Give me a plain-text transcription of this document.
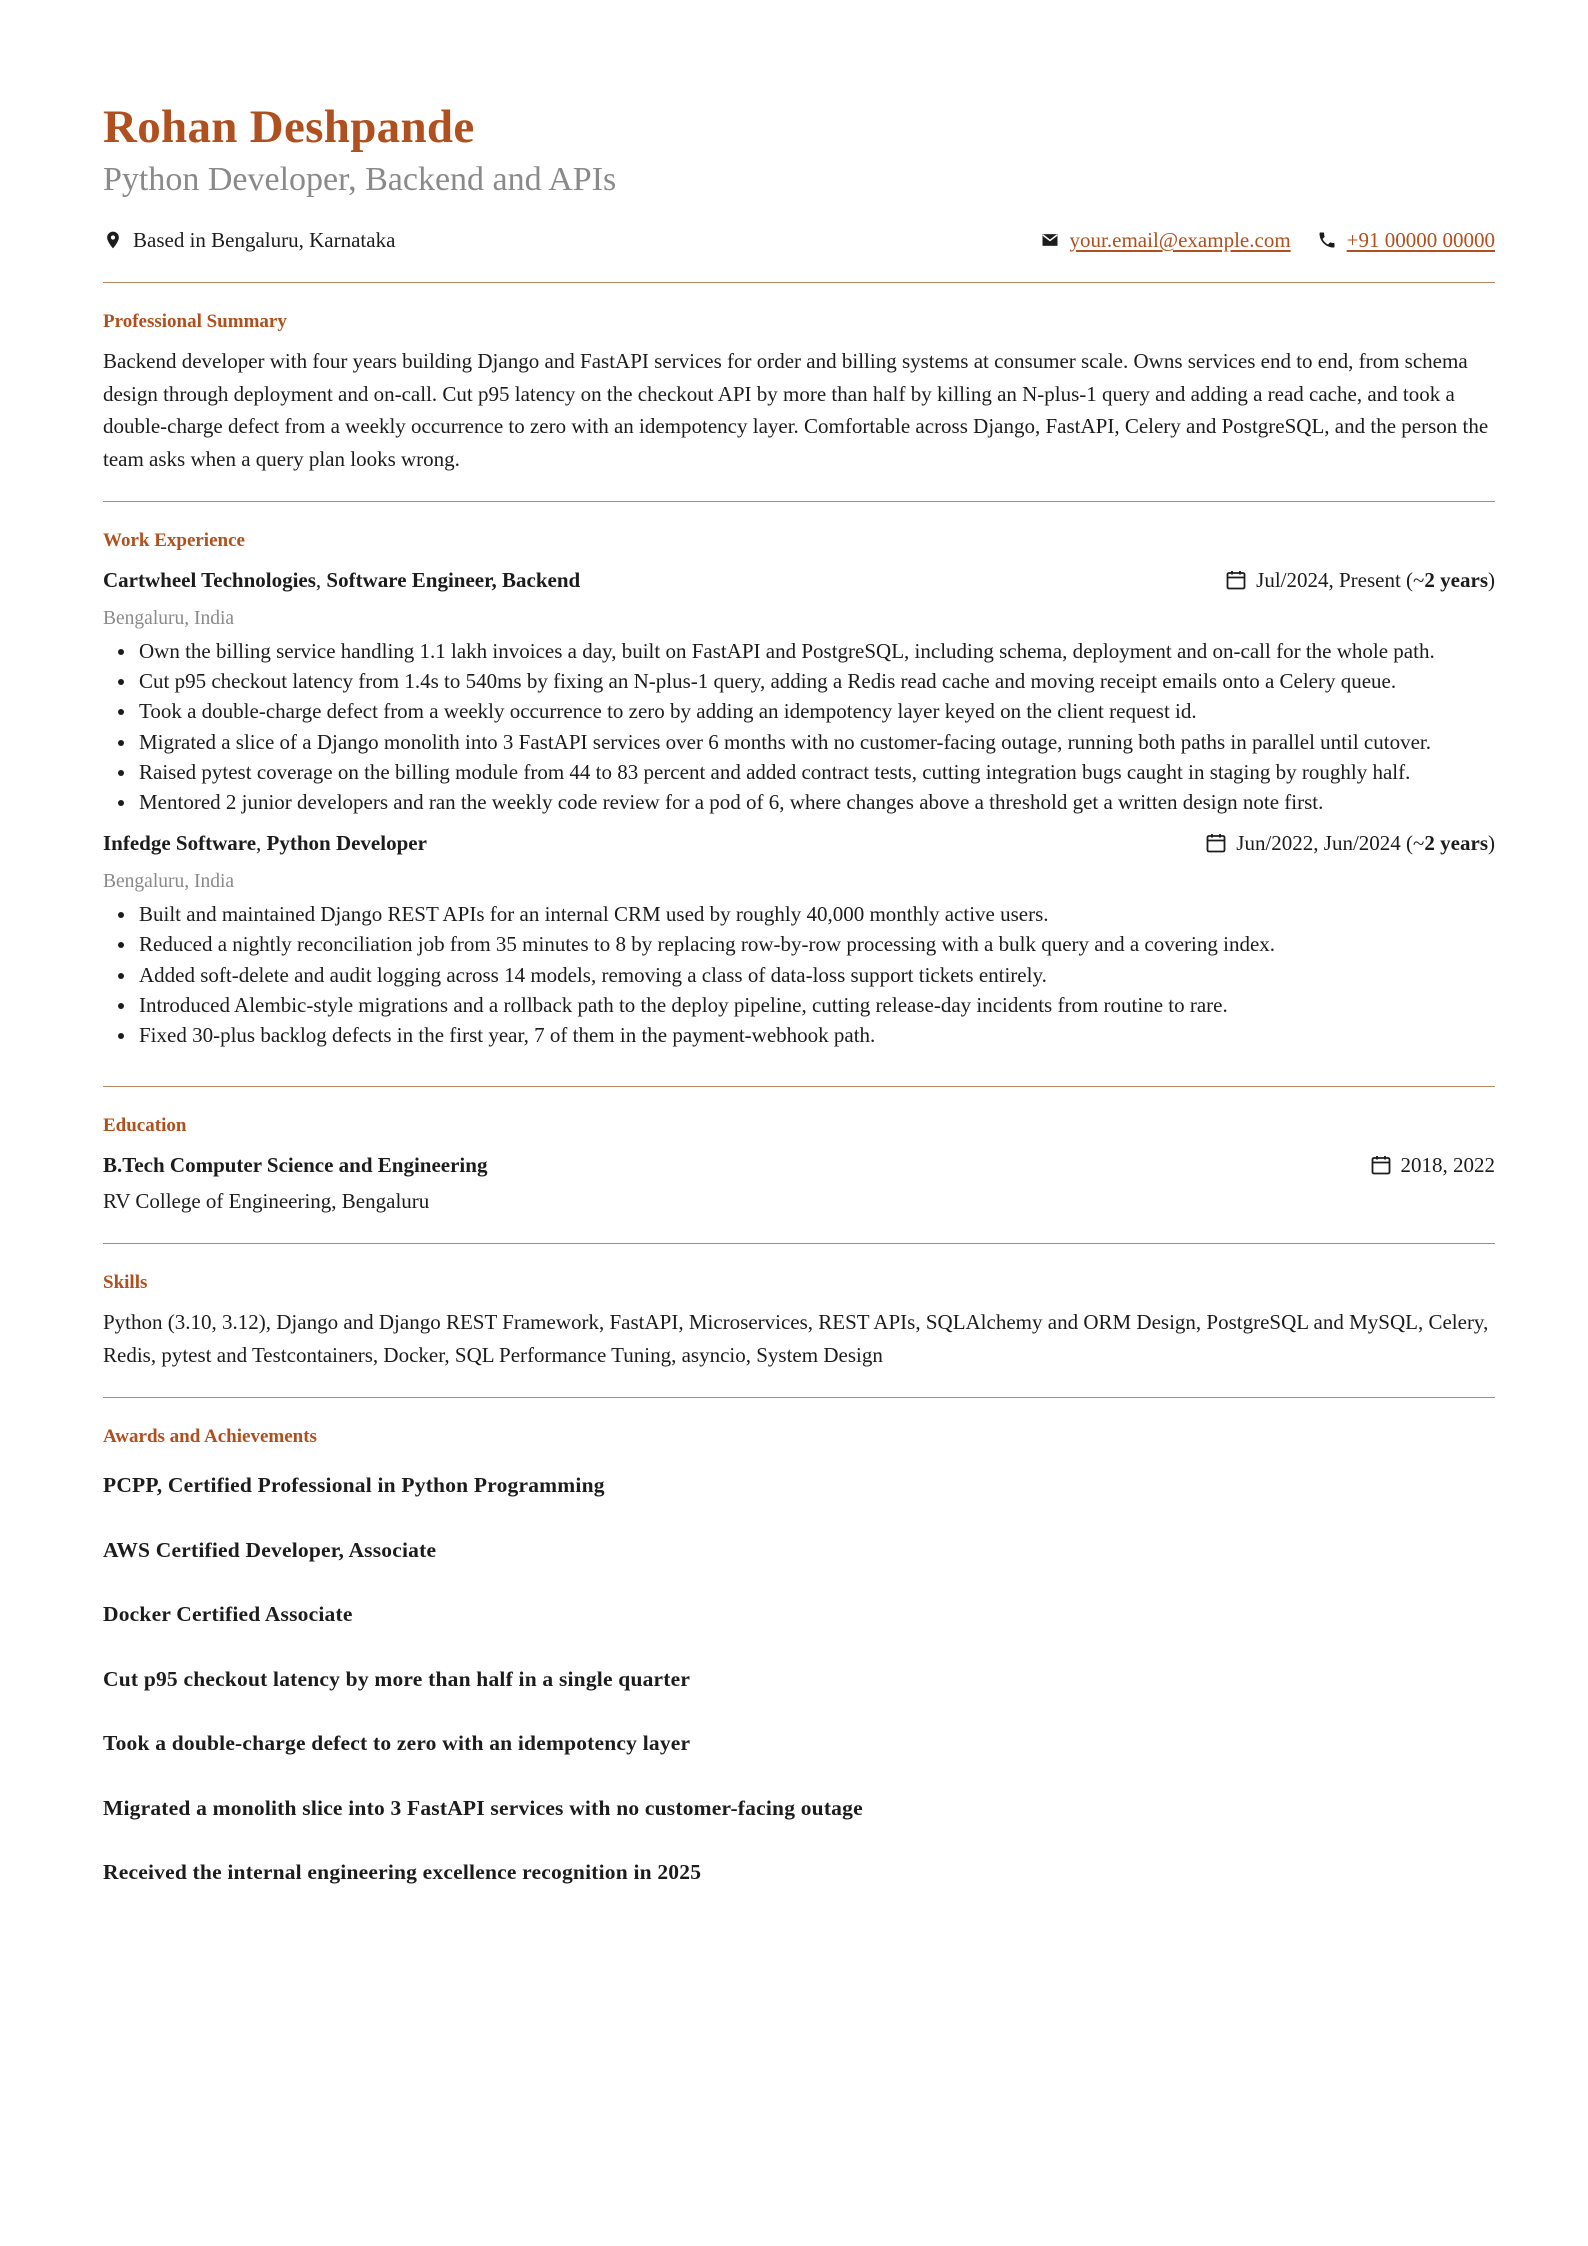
Rohan Deshpande
Python Developer, Backend and APIs
Based in Bengaluru, Karnataka	your.email@example.com	+91 00000 00000
Professional Summary

Backend developer with four years building Django and FastAPI services for order and billing systems at consumer scale. Owns services end to end, from schema design through deployment and on-call. Cut p95 latency on the checkout API by more than half by killing an N-plus-1 query and adding a read cache, and took a double-charge defect from a weekly occurrence to zero with an idempotency layer. Comfortable across Django, FastAPI, Celery and PostgreSQL, and the person the team asks when a query plan looks wrong.

Work Experience
Cartwheel Technologies, Software Engineer, Backend	Jul/2024, Present (~ 2 years )
Bengaluru, India
• Own the billing service handling 1.1 lakh invoices a day, built on FastAPI and PostgreSQL, including schema, deployment and on-call for the whole path.
• Cut p95 checkout latency from 1.4s to 540ms by fixing an N-plus-1 query, adding a Redis read cache and moving receipt emails onto a Celery queue.
• Took a double-charge defect from a weekly occurrence to zero by adding an idempotency layer keyed on the client request id.
• Migrated a slice of a Django monolith into 3 FastAPI services over 6 months with no customer-facing outage, running both paths in parallel until cutover.
• Raised pytest coverage on the billing module from 44 to 83 percent and added contract tests, cutting integration bugs caught in staging by roughly half.
• Mentored 2 junior developers and ran the weekly code review for a pod of 6, where changes above a threshold get a written design note first.
Infedge Software, Python Developer	Jun/2022, Jun/2024 (~ 2 years )
Bengaluru, India
• Built and maintained Django REST APIs for an internal CRM used by roughly 40,000 monthly active users.
• Reduced a nightly reconciliation job from 35 minutes to 8 by replacing row-by-row processing with a bulk query and a covering index.
• Added soft-delete and audit logging across 14 models, removing a class of data-loss support tickets entirely.
• Introduced Alembic-style migrations and a rollback path to the deploy pipeline, cutting release-day incidents from routine to rare.
• Fixed 30-plus backlog defects in the first year, 7 of them in the payment-webhook path.
Education
B.Tech Computer Science and Engineering	2018, 2022
RV College of Engineering, Bengaluru
Skills

Python (3.10, 3.12), Django and Django REST Framework, FastAPI, Microservices, REST APIs, SQLAlchemy and ORM Design, PostgreSQL and MySQL, Celery, Redis, pytest and Testcontainers, Docker, SQL Performance Tuning, asyncio, System Design

Awards and Achievements
PCPP, Certified Professional in Python Programming
AWS Certified Developer, Associate
Docker Certified Associate
Cut p95 checkout latency by more than half in a single quarter
Took a double-charge defect to zero with an idempotency layer
Migrated a monolith slice into 3 FastAPI services with no customer-facing outage
Received the internal engineering excellence recognition in 2025
